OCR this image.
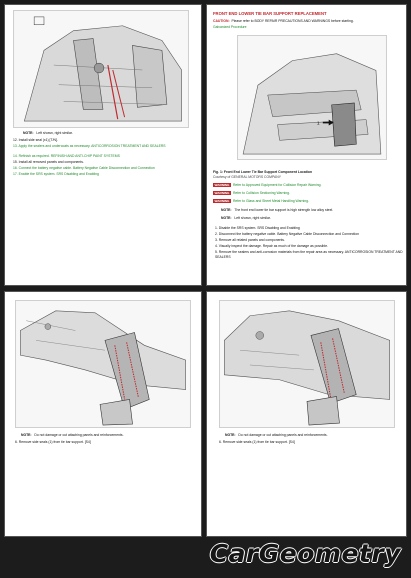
NOTE: Left shown, right similar.
12. Install side seal (x1) [T/N].
13. Apply the sealers and undercoats as necessary. ANTICORROSION TREATMENT AND SEALERS
14. Refinish as required. REFINISH AND ANTI-CHIP PAINT SYSTEMS
15. Install all removed panels and components.
16. Connect the battery negative cable. Battery Negative Cable Disconnection and Connection
17. Enable the SRS system. SRS Disabling and Enabling
FRONT END LOWER TIE BAR SUPPORT REPLACEMENT
CAUTION: Please refer to BODY REPAIR PRECAUTIONS AND WARNINGS before starting.
Galvanized Procedure
1
Fig. 1: Front End Lower Tie Bar Support Component Location
Courtesy of GENERAL MOTORS COMPANY
WARNING Refer to Approved Equipment for Collision Repair Warning.
WARNING Refer to Collision Sectioning Warning.
WARNING Refer to Glass and Sheet Metal Handling Warning.
NOTE: The front end lower tie bar support is high strength low alloy steel.
NOTE: Left shown, right similar.
1. Disable the SRS system. SRS Disabling and Enabling
2. Disconnect the battery negative cable. Battery Negative Cable Disconnection and Connection
3. Remove all related panels and components.
4. Visually inspect the damage. Repair as much of the damage as possible.
5. Remove the sealers and anti-corrosion materials from the repair area as necessary. ANTICORROSION TREATMENT AND SEALERS
NOTE: Do not damage or cut attaching panels and reinforcements.
6. Remove side seals (1) from tie bar support. [S4]
NOTE: Do not damage or cut attaching panels and reinforcements.
6. Remove side seals (1) from tie bar support. [S4]
CarGeometry
